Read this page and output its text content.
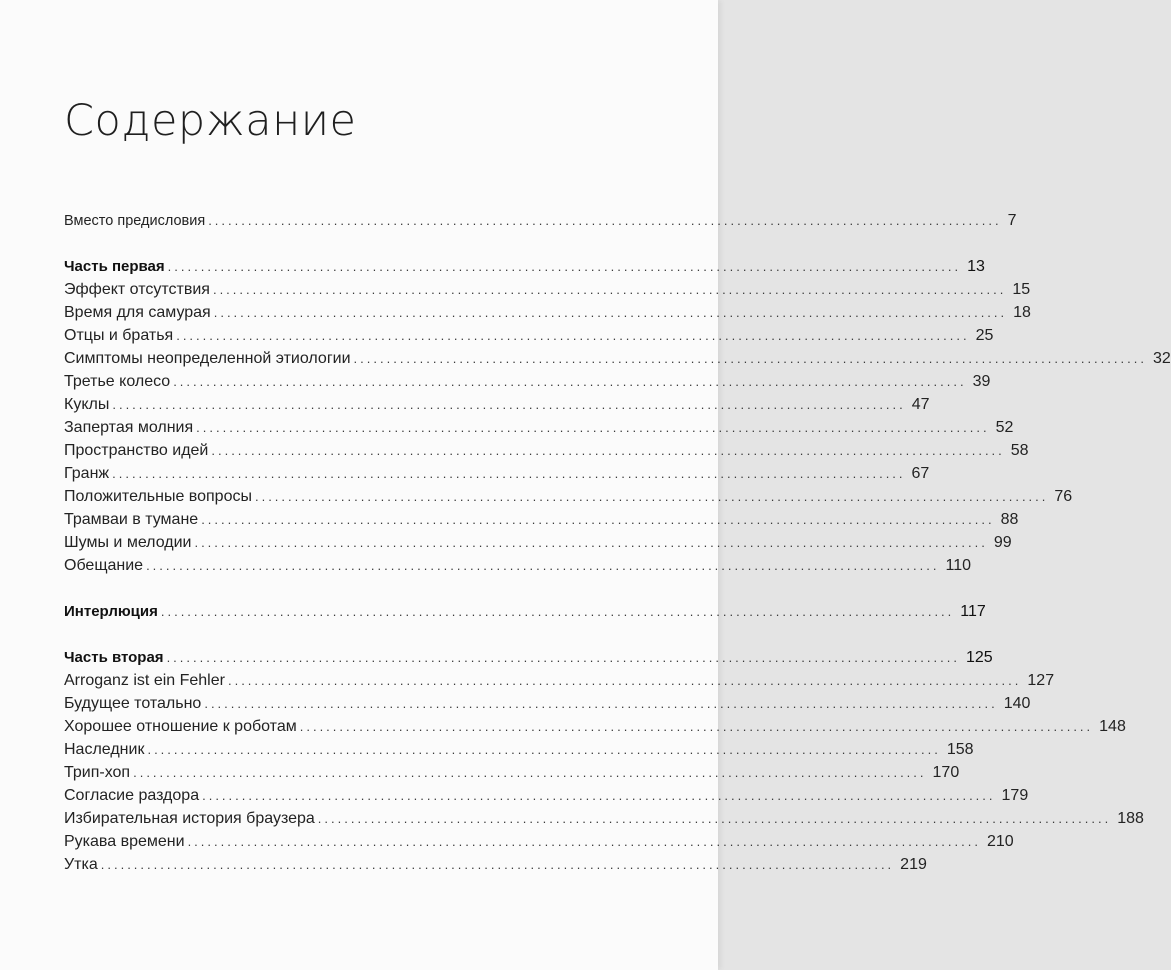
Содержание
Вместо предисловия ........................................................................................................................ 7
Часть первая ........................................................................................................................ 13
Эффект отсутствия ........................................................................................................................ 15
Время для самурая ........................................................................................................................ 18
Отцы и братья ........................................................................................................................ 25
Симптомы неопределенной этиологии ........................................................................................................................ 32
Третье колесо ........................................................................................................................ 39
Куклы ........................................................................................................................ 47
Запертая молния ........................................................................................................................ 52
Пространство идей ........................................................................................................................ 58
Гранж ........................................................................................................................ 67
Положительные вопросы ........................................................................................................................ 76
Трамваи в тумане ........................................................................................................................ 88
Шумы и мелодии ........................................................................................................................ 99
Обещание ........................................................................................................................ 110
Интерлюция ........................................................................................................................ 117
Часть вторая ........................................................................................................................ 125
Arroganz ist ein Fehler ........................................................................................................................ 127
Будущее тотально ........................................................................................................................ 140
Хорошее отношение к роботам ........................................................................................................................ 148
Наследник ........................................................................................................................ 158
Трип-хоп ........................................................................................................................ 170
Согласие раздора ........................................................................................................................ 179
Избирательная история браузера ........................................................................................................................ 188
Рукава времени ........................................................................................................................ 210
Утка ........................................................................................................................ 219
